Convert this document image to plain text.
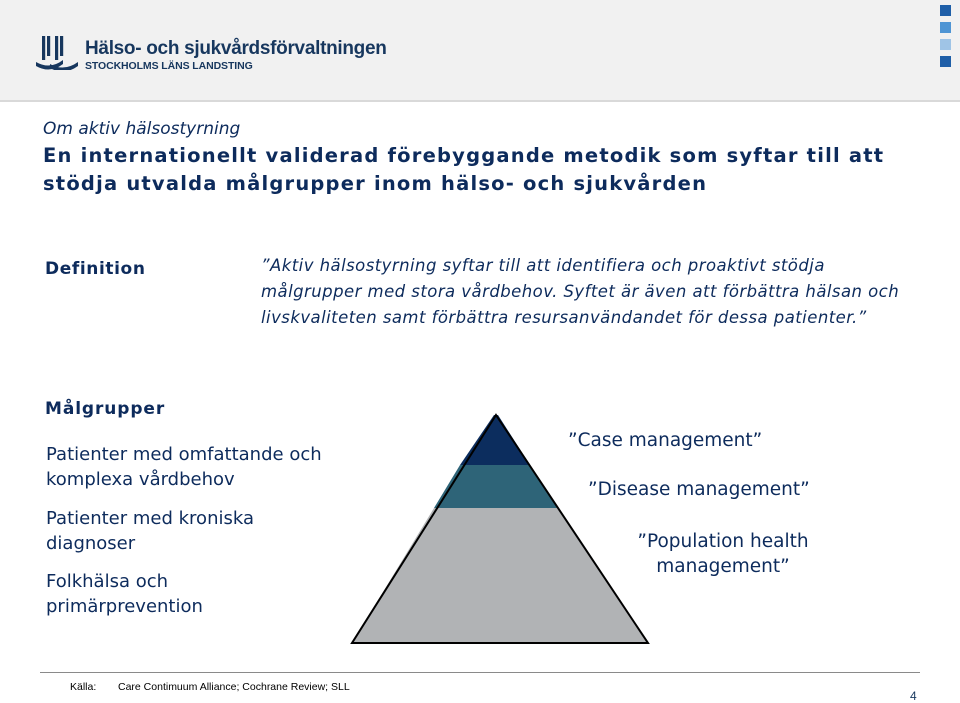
Hälso- och sjukvårdsförvaltningen
STOCKHOLMS LÄNS LANDSTING
Om aktiv hälsostyrning
En internationellt validerad förebyggande metodik som syftar till att stödja utvalda målgrupper inom hälso- och sjukvården
Definition	”Aktiv hälsostyrning syftar till att identifiera och proaktivt stödja målgrupper med stora vårdbehov. Syftet är även att förbättra hälsan och livskvaliteten samt förbättra resursanvändandet för dessa patienter.”
Målgrupper
Patienter med omfattande och komplexa vårdbehov
Patienter med kroniska diagnoser
Folkhälsa och primärprevention
”Case management”
”Disease management”
”Population health management”
Källa: Care Contimuum Alliance; Cochrane Review; SLL
4
